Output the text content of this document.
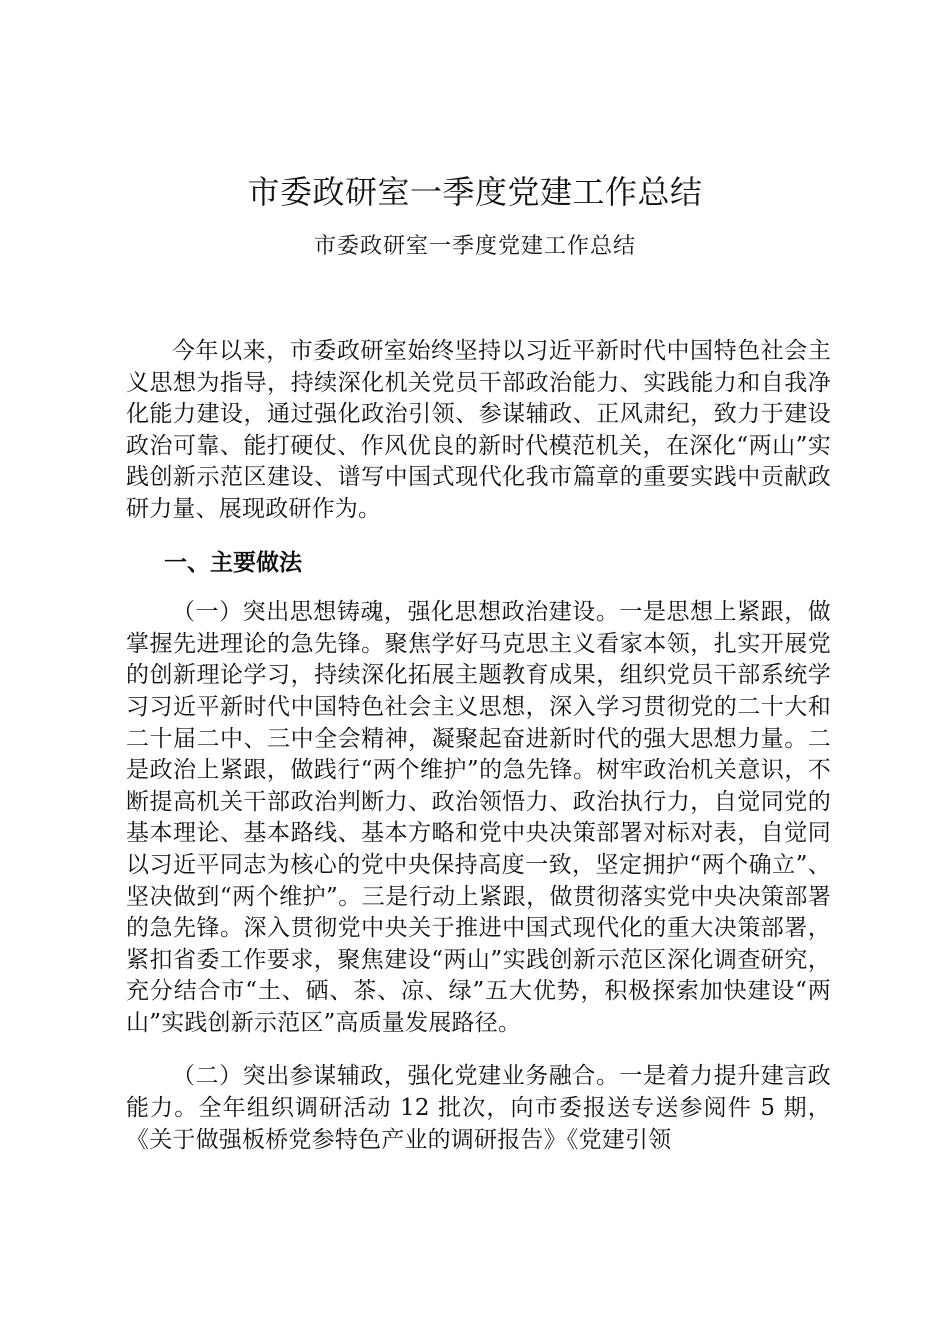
市委政研室一季度党建工作总结
市委政研室一季度党建工作总结

今年以来，市委政研室始终坚持以习近平新时代中国特色社会主义思想为指导，持续深化机关党员干部政治能力、实践能力和自我净化能力建设，通过强化政治引领、参谋辅政、正风肃纪，致力于建设政治可靠、能打硬仗、作风优良的新时代模范机关，在深化“两山”实践创新示范区建设、谱写中国式现代化我市篇章的重要实践中贡献政研力量、展现政研作为。

一、主要做法

（一）突出思想铸魂，强化思想政治建设。一是思想上紧跟，做掌握先进理论的急先锋。聚焦学好马克思主义看家本领，扎实开展党的创新理论学习，持续深化拓展主题教育成果，组织党员干部系统学习习近平新时代中国特色社会主义思想，深入学习贯彻党的二十大和二十届二中、三中全会精神，凝聚起奋进新时代的强大思想力量。二是政治上紧跟，做践行“两个维护”的急先锋。树牢政治机关意识，不断提高机关干部政治判断力、政治领悟力、政治执行力，自觉同党的基本理论、基本路线、基本方略和党中央决策部署对标对表，自觉同以习近平同志为核心的党中央保持高度一致，坚定拥护“两个确立”、坚决做到“两个维护”。三是行动上紧跟，做贯彻落实党中央决策部署的急先锋。深入贯彻党中央关于推进中国式现代化的重大决策部署，紧扣省委工作要求，聚焦建设“两山”实践创新示范区深化调查研究，充分结合市“土、硒、茶、凉、绿”五大优势，积极探索加快建设“两山”实践创新示范区”高质量发展路径。

（二）突出参谋辅政，强化党建业务融合。一是着力提升建言政能力。全年组织调研活动 12 批次，向市委报送专送参阅件 5 期，《关于做强板桥党参特色产业的调研报告》《党建引领
